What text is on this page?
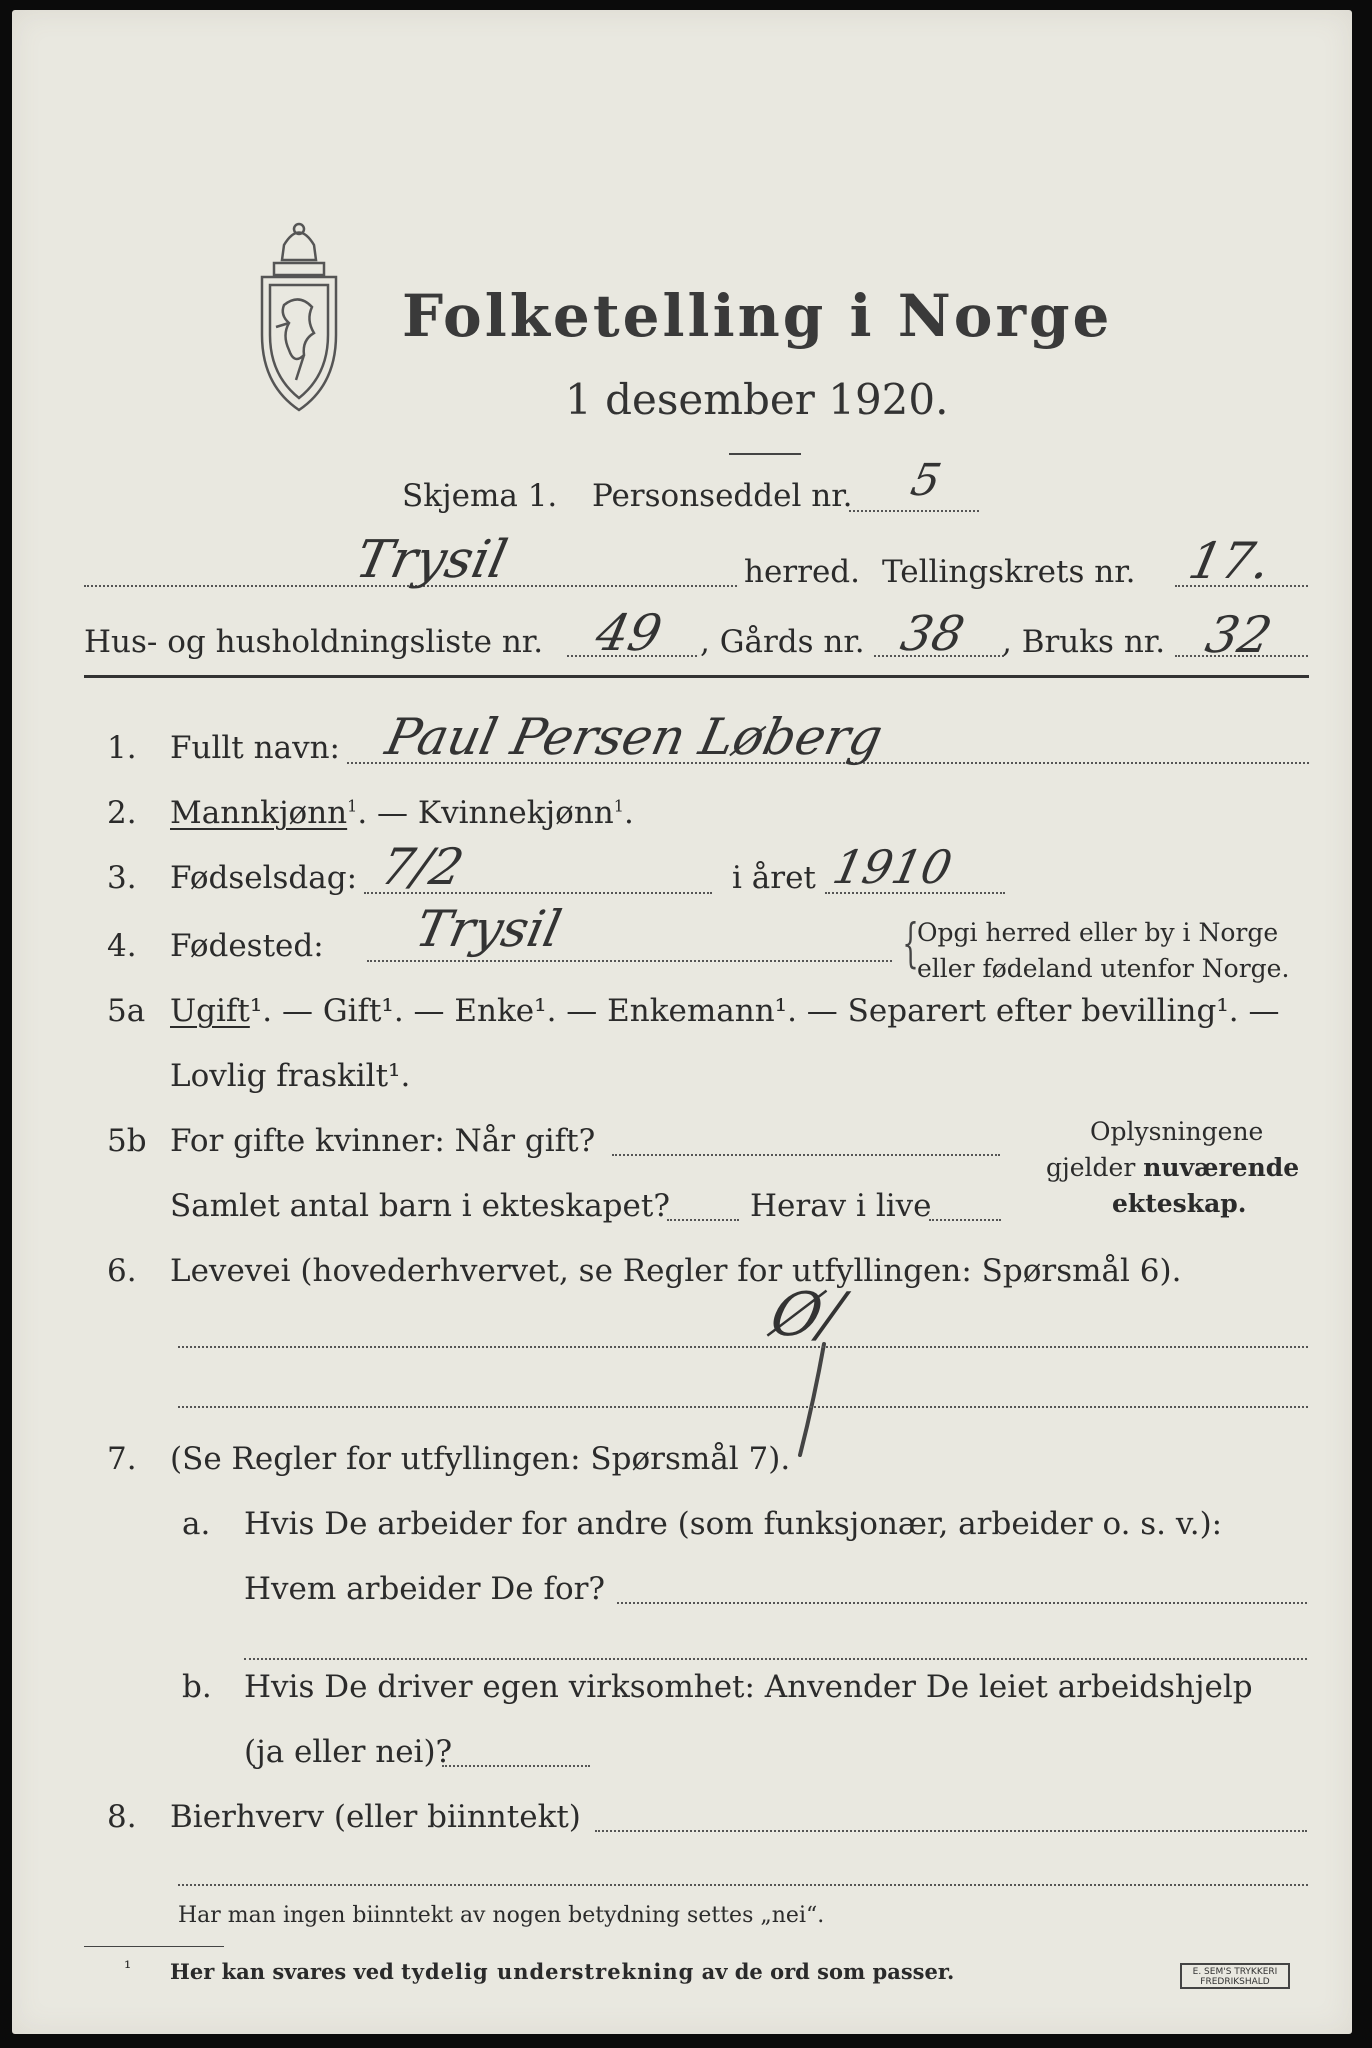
Folketelling i Norge
1 desember 1920.
Skjema 1. Personseddel nr. 5
Trysil	herred. Tellingskrets nr. 17.
Hus- og husholdningsliste nr. 49 , Gårds nr. 38 , Bruks nr. 32
1. Fullt navn: Paul Persen Løberg
2. Mannkjønn$^1$. — Kvinnekjønn$^1$.
3. Fødselsdag: 7/2	i året 1910
4. Fødested: Trysil	{
Opgi herred eller by i Norge
eller fødeland utenfor Norge.
5a Ugift¹. — Gift¹. — Enke¹. — Enkemann¹. — Separert efter bevilling¹. —
Lovlig fraskilt¹.
5b For gifte kvinner: Når gift?
Samlet antal barn i ekteskapet?	Herav i live
Oplysningene
gjelder nuværende
ekteskap.
6. Levevei (hovederhvervet, se Regler for utfyllingen: Spørsmål 6).
Ø/
7. (Se Regler for utfyllingen: Spørsmål 7).
a. Hvis De arbeider for andre (som funksjonær, arbeider o. s. v.):
Hvem arbeider De for?
b. Hvis De driver egen virksomhet: Anvender De leiet arbeidshjelp
(ja eller nei)?
8. Bierhverv (eller biinntekt)
Har man ingen biinntekt av nogen betydning settes „nei“.
¹ Her kan svares ved tydelig understrekning av de ord som passer.	E. SEM'S TRYKKERI
FREDRIKSHALD
